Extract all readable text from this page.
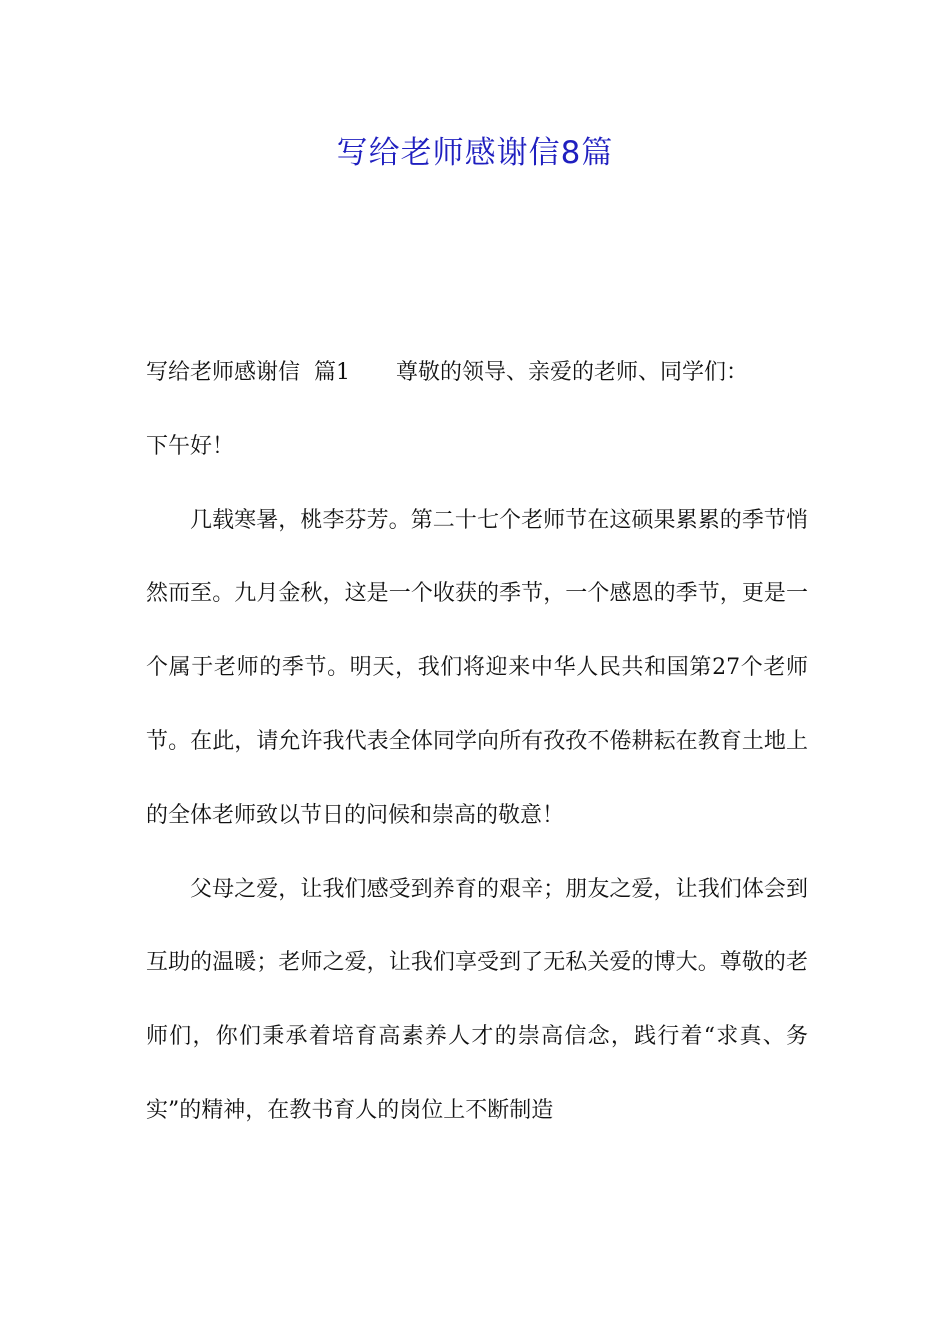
写给老师感谢信8篇

写给老师感谢信 篇1 尊敬的领导、亲爱的老师、同学们：

下午好！

几载寒暑，桃李芬芳。第二十七个老师节在这硕果累累的季节悄然而至。九月金秋，这是一个收获的季节，一个感恩的季节，更是一个属于老师的季节。明天，我们将迎来中华人民共和国第27个老师节。在此，请允许我代表全体同学向所有孜孜不倦耕耘在教育土地上的全体老师致以节日的问候和崇高的敬意！

父母之爱，让我们感受到养育的艰辛；朋友之爱，让我们体会到互助的温暖；老师之爱，让我们享受到了无私关爱的博大。尊敬的老师们，你们秉承着培育高素养人才的崇高信念，践行着“求真、务实”的精神，在教书育人的岗位上不断制造
